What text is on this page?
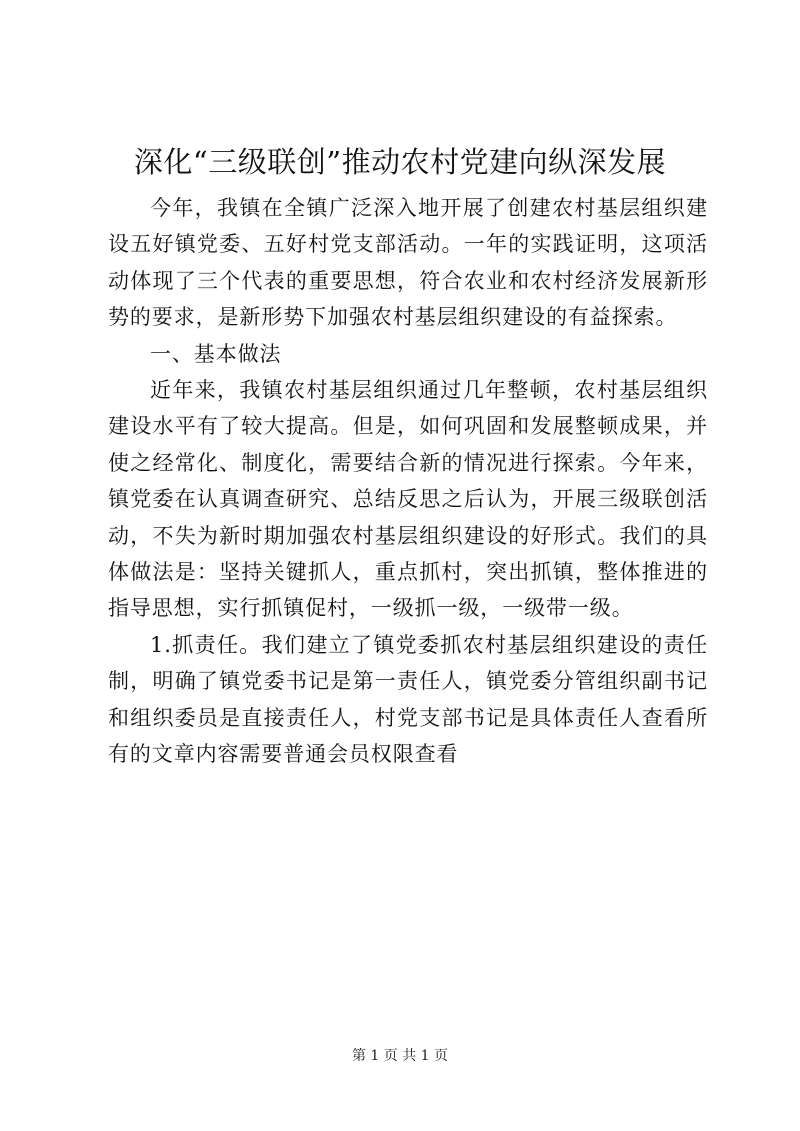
深化“三级联创”推动农村党建向纵深发展

今年，我镇在全镇广泛深入地开展了创建农村基层组织建设五好镇党委、五好村党支部活动。一年的实践证明，这项活动体现了三个代表的重要思想，符合农业和农村经济发展新形势的要求，是新形势下加强农村基层组织建设的有益探索。

一、基本做法

近年来，我镇农村基层组织通过几年整顿，农村基层组织建设水平有了较大提高。但是，如何巩固和发展整顿成果，并使之经常化、制度化，需要结合新的情况进行探索。今年来，镇党委在认真调查研究、总结反思之后认为，开展三级联创活动，不失为新时期加强农村基层组织建设的好形式。我们的具体做法是：坚持关键抓人，重点抓村，突出抓镇，整体推进的指导思想，实行抓镇促村，一级抓一级，一级带一级。

1.抓责任。我们建立了镇党委抓农村基层组织建设的责任制，明确了镇党委书记是第一责任人，镇党委分管组织副书记和组织委员是直接责任人，村党支部书记是具体责任人查看所有的文章内容需要普通会员权限查看

第 1 页 共 1 页
